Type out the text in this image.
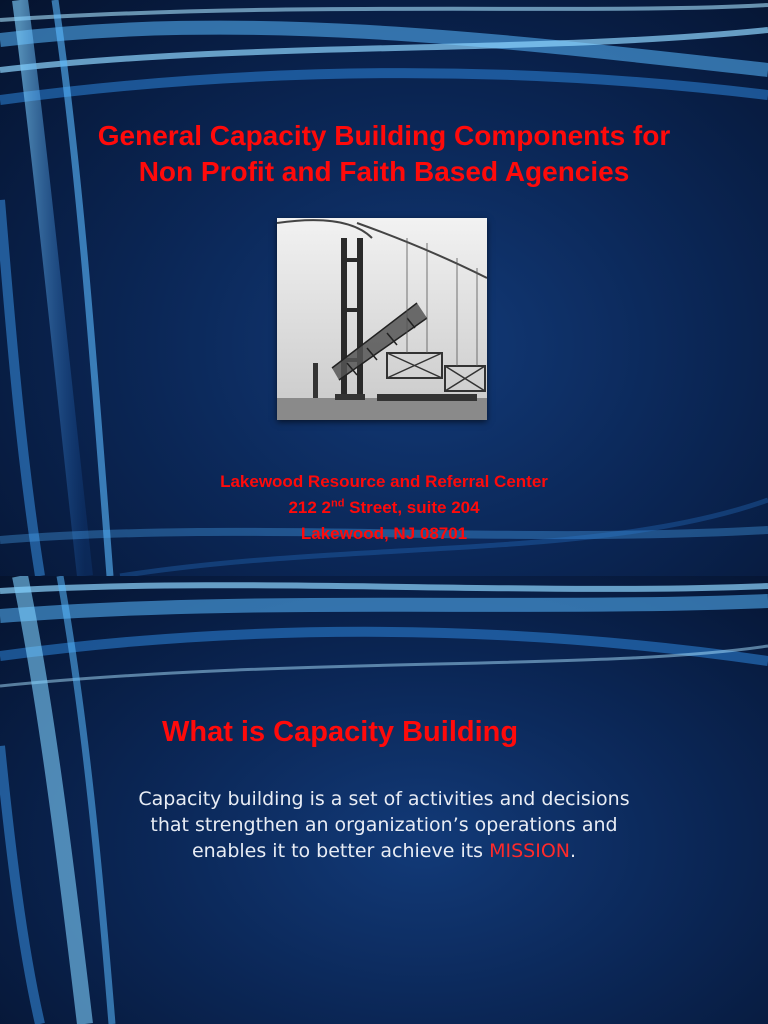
General Capacity Building Components for
Non Profit and Faith Based Agencies
Lakewood Resource and Referral Center
212 2nd Street, suite 204
Lakewood, NJ 08701
What is Capacity Building
Capacity building is a set of activities and decisions
that strengthen an organization’s operations and
enables it to better achieve its MISSION.
